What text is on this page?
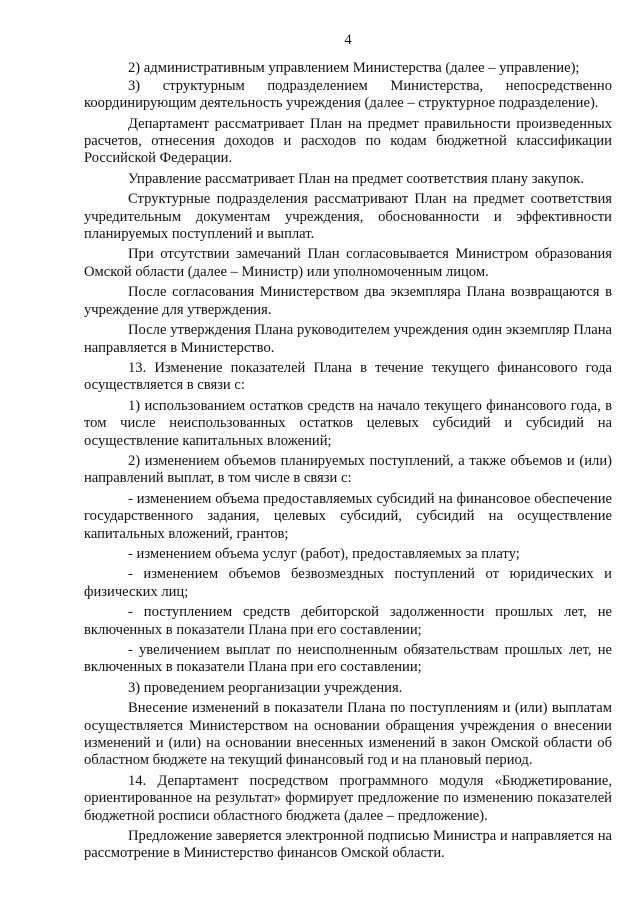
4

2) административным управлением Министерства (далее – управление);

3) структурным подразделением Министерства, непосредственно координирующим деятельность учреждения (далее – структурное подразделение).

Департамент рассматривает План на предмет правильности произведенных расчетов, отнесения доходов и расходов по кодам бюджетной классификации Российской Федерации.

Управление рассматривает План на предмет соответствия плану закупок.

Структурные подразделения рассматривают План на предмет соответствия учредительным документам учреждения, обоснованности и эффективности планируемых поступлений и выплат.

При отсутствии замечаний План согласовывается Министром образования Омской области (далее – Министр) или уполномоченным лицом.

После согласования Министерством два экземпляра Плана возвращаются в учреждение для утверждения.

После утверждения Плана руководителем учреждения один экземпляр Плана направляется в Министерство.

13. Изменение показателей Плана в течение текущего финансового года осуществляется в связи с:

1) использованием остатков средств на начало текущего финансового года, в том числе неиспользованных остатков целевых субсидий и субсидий на осуществление капитальных вложений;

2) изменением объемов планируемых поступлений, а также объемов и (или) направлений выплат, в том числе в связи с:

- изменением объема предоставляемых субсидий на финансовое обеспечение государственного задания, целевых субсидий, субсидий на осуществление капитальных вложений, грантов;

- изменением объема услуг (работ), предоставляемых за плату;

- изменением объемов безвозмездных поступлений от юридических и физических лиц;

- поступлением средств дебиторской задолженности прошлых лет, не включенных в показатели Плана при его составлении;

- увеличением выплат по неисполненным обязательствам прошлых лет, не включенных в показатели Плана при его составлении;

3) проведением реорганизации учреждения.

Внесение изменений в показатели Плана по поступлениям и (или) выплатам осуществляется Министерством на основании обращения учреждения о внесении изменений и (или) на основании внесенных изменений в закон Омской области об областном бюджете на текущий финансовый год и на плановый период.

14. Департамент посредством программного модуля «Бюджетирование, ориентированное на результат» формирует предложение по изменению показателей бюджетной росписи областного бюджета (далее – предложение).

Предложение заверяется электронной подписью Министра и направляется на рассмотрение в Министерство финансов Омской области.
